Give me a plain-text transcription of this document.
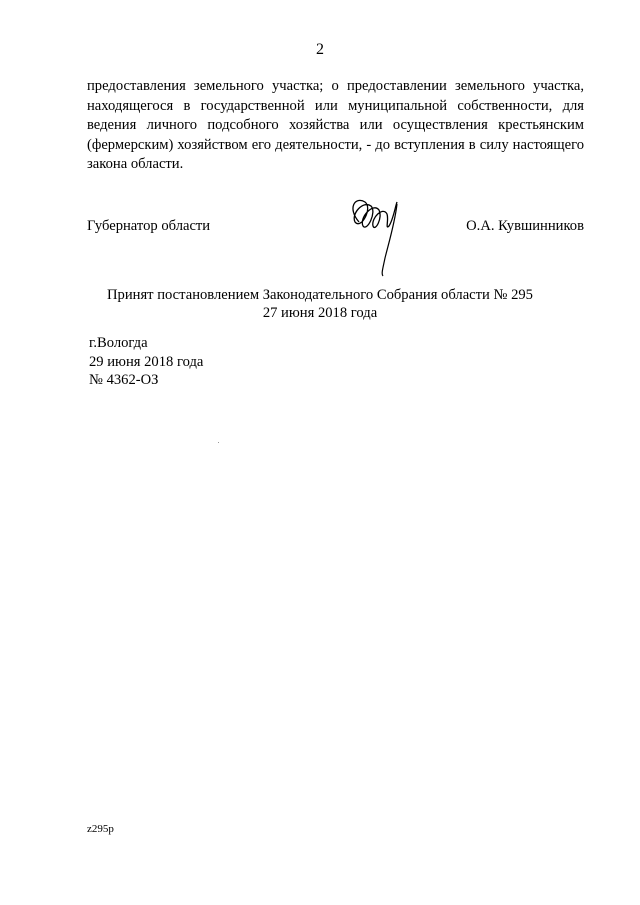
2
предоставления земельного участка; о предоставлении земельного участка, находящегося в государственной или муниципальной собственности, для ведения личного подсобного хозяйства или осуществления крестьянским (фермерским) хозяйством его деятельности, - до вступления в силу настоящего закона области.
Губернатор области	О.А. Кувшинников
Принят постановлением Законодательного Собрания области № 295
27 июня 2018 года
г.Вологда
29 июня 2018 года
№ 4362-ОЗ
z295p
